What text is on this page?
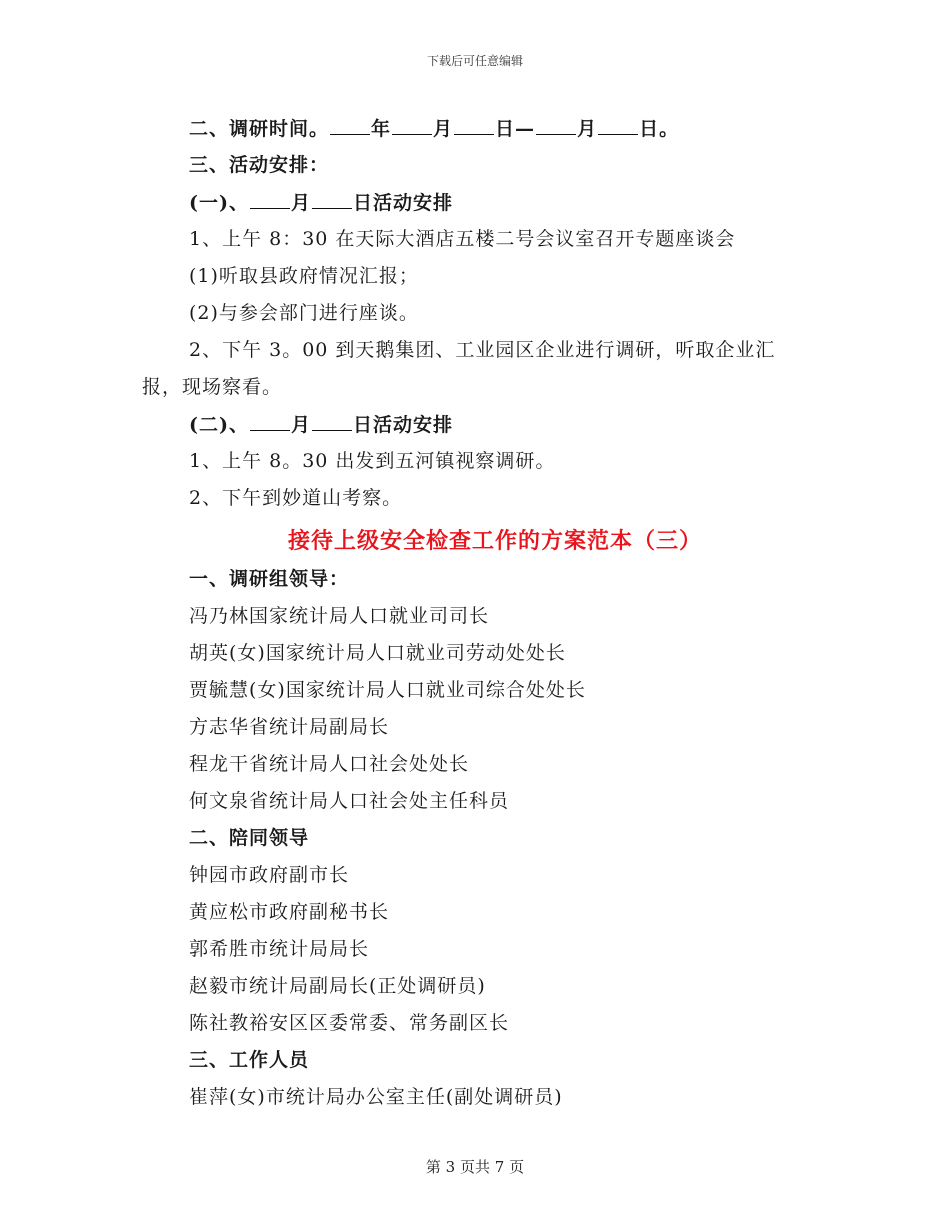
下载后可任意编辑
二、调研时间。 年 月 日— 月 日。
三、活动安排：
(一)、 月 日活动安排
1、上午 8：30 在天际大酒店五楼二号会议室召开专题座谈会
(1)听取县政府情况汇报；
(2)与参会部门进行座谈。
2、下午 3。00 到天鹅集团、工业园区企业进行调研，听取企业汇
报，现场察看。
(二)、 月 日活动安排
1、上午 8。30 出发到五河镇视察调研。
2、下午到妙道山考察。
接待上级安全检查工作的方案范本（三）
一、调研组领导：
冯乃林国家统计局人口就业司司长
胡英(女)国家统计局人口就业司劳动处处长
贾毓慧(女)国家统计局人口就业司综合处处长
方志华省统计局副局长
程龙干省统计局人口社会处处长
何文泉省统计局人口社会处主任科员
二、陪同领导
钟园市政府副市长
黄应松市政府副秘书长
郭希胜市统计局局长
赵毅市统计局副局长(正处调研员)
陈社教裕安区区委常委、常务副区长
三、工作人员
崔萍(女)市统计局办公室主任(副处调研员)
第 3 页共 7 页
